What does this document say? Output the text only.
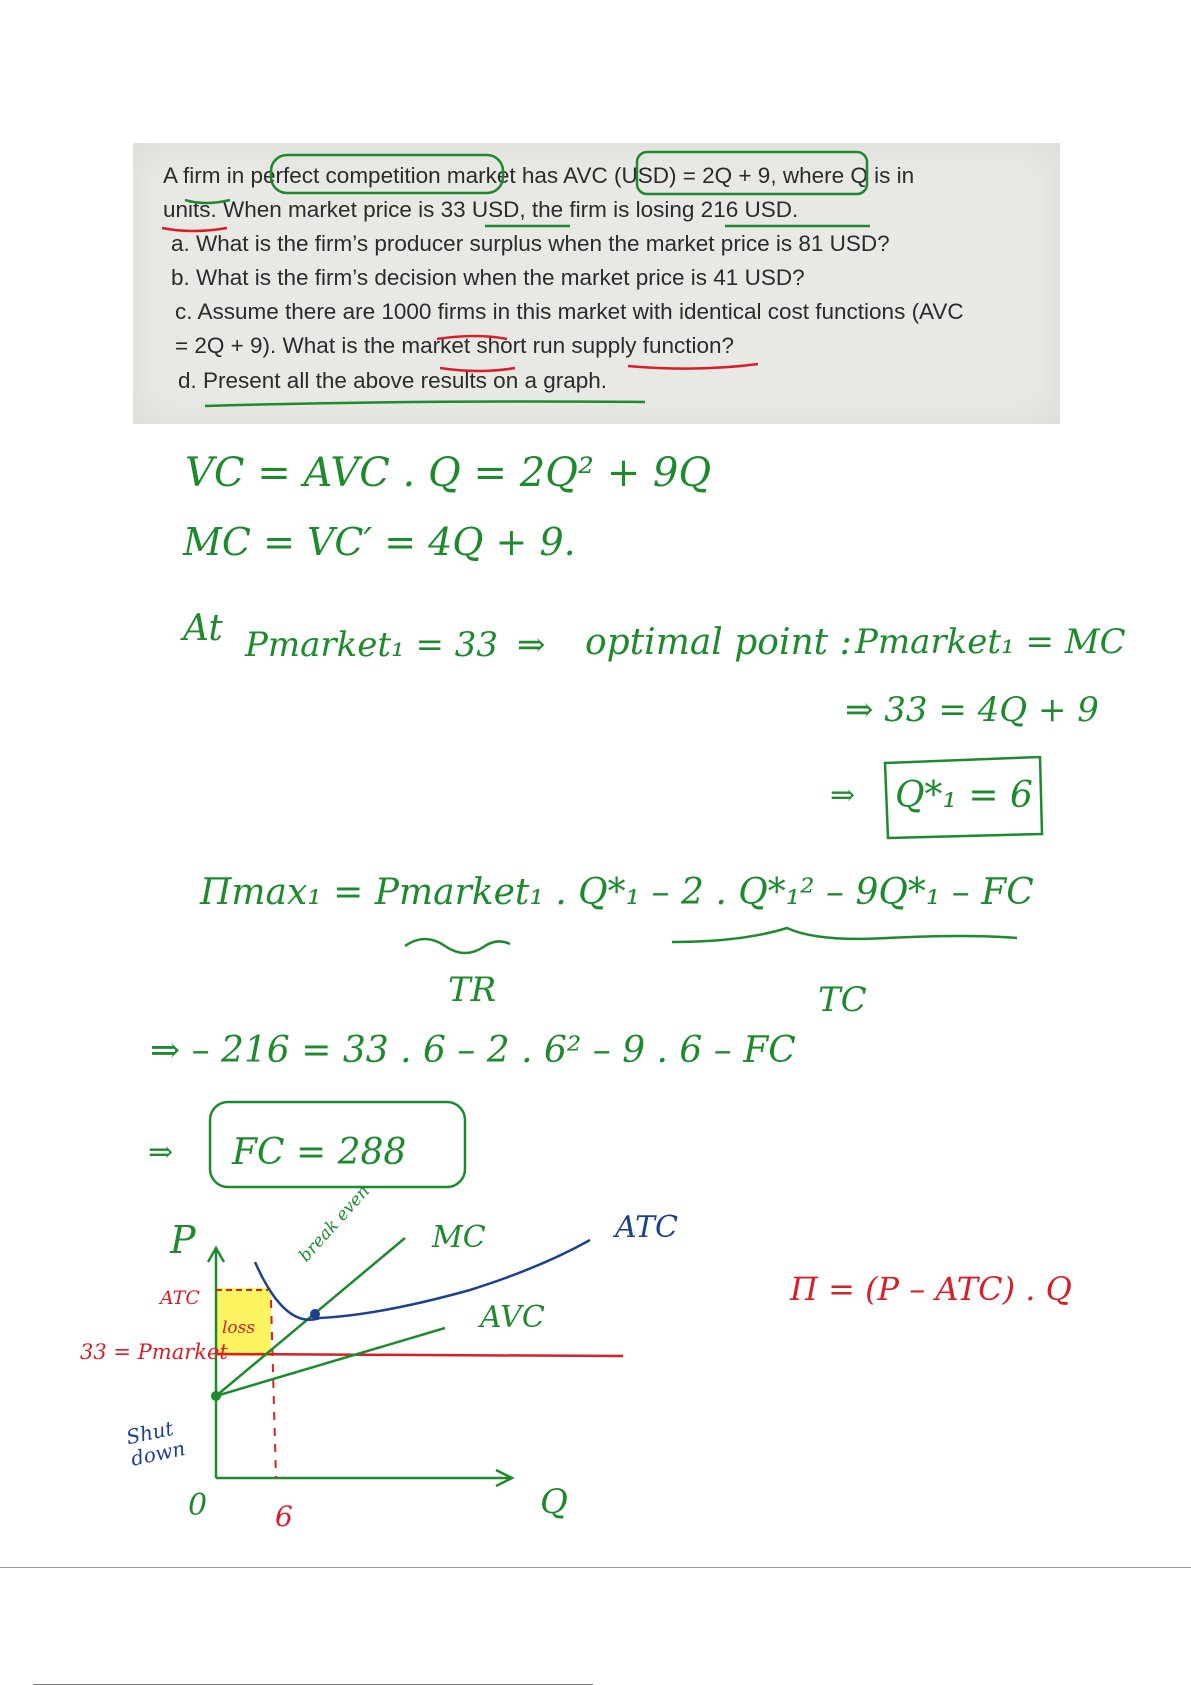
A firm in perfect competition market has AVC (USD) = 2Q + 9, where Q is in
units. When market price is 33 USD, the firm is losing 216 USD.
a. What is the firm’s producer surplus when the market price is 81 USD?
b. What is the firm’s decision when the market price is 41 USD?
c. Assume there are 1000 firms in this market with identical cost functions (AVC
= 2Q + 9). What is the market short run supply function?
d. Present all the above results on a graph.
VC = AVC . Q = 2Q² + 9Q
MC = VC′ = 4Q + 9.
At Pmarket₁ = 33 ⇒ optimal point : Pmarket₁ = MC
⇒ 33 = 4Q + 9
⇒ Q*₁ = 6
Πmax₁ = Pmarket₁ . Q*₁ – 2 . Q*₁² – 9Q*₁ – FC
TR	TC
⇒ – 216 = 33 . 6 – 2 . 6² – 9 . 6 – FC
⇒ FC = 288
P
Q
0
ATC
MC
AVC
break even
loss
ATC
33 = Pmarket
Shut down
6
Π = (P – ATC) . Q
